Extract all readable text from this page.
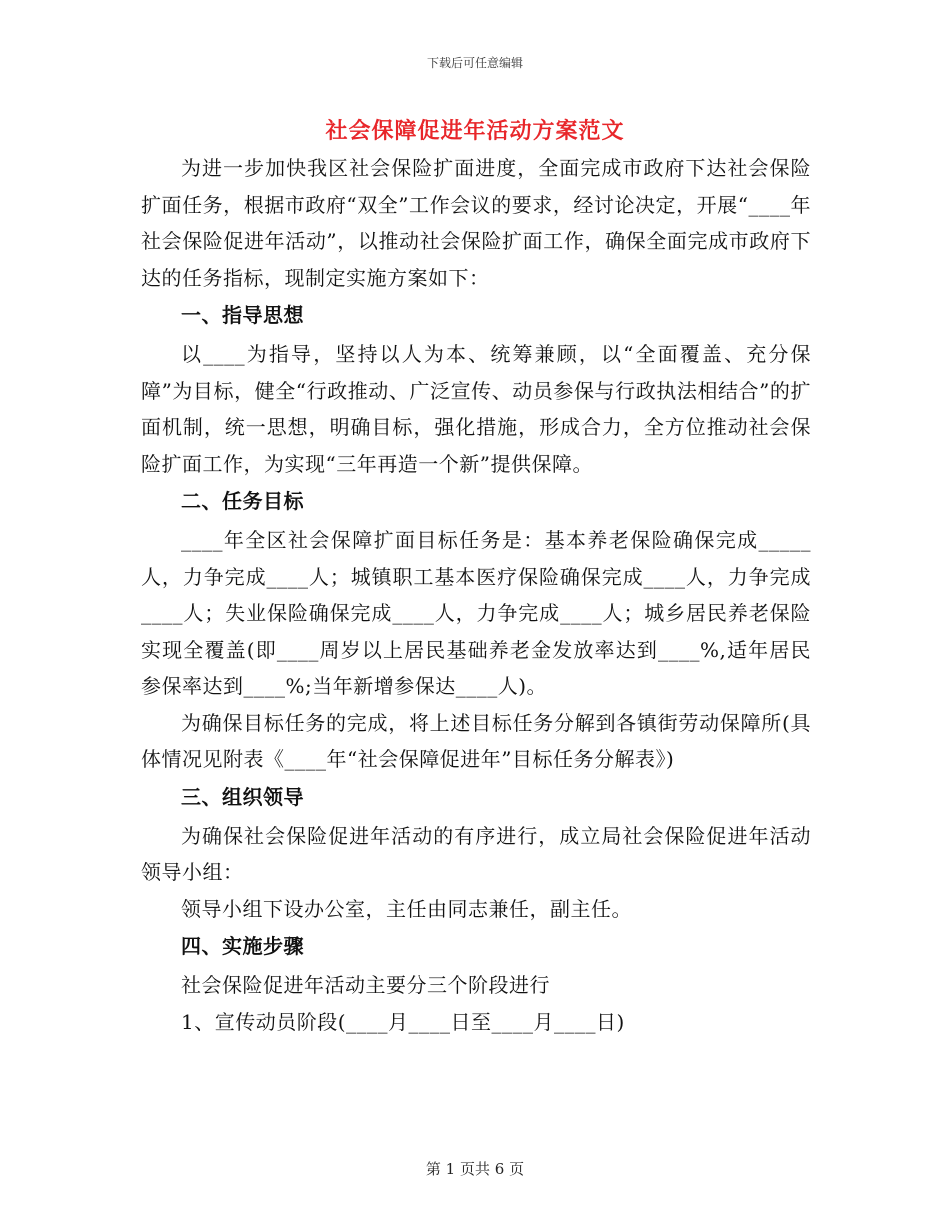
下载后可任意编辑
社会保障促进年活动方案范文

为进一步加快我区社会保险扩面进度，全面完成市政府下达社会保险扩面任务，根据市政府“双全”工作会议的要求，经讨论决定，开展“____年社会保险促进年活动”，以推动社会保险扩面工作，确保全面完成市政府下达的任务指标，现制定实施方案如下：

一、指导思想

以____为指导，坚持以人为本、统筹兼顾，以“全面覆盖、充分保障”为目标，健全“行政推动、广泛宣传、动员参保与行政执法相结合”的扩面机制，统一思想，明确目标，强化措施，形成合力，全方位推动社会保险扩面工作，为实现“三年再造一个新”提供保障。

二、任务目标

____年全区社会保障扩面目标任务是：基本养老保险确保完成_____人，力争完成____人；城镇职工基本医疗保险确保完成____人，力争完成____人；失业保险确保完成____人，力争完成____人；城乡居民养老保险实现全覆盖(即____周岁以上居民基础养老金发放率达到____%,适年居民参保率达到____%;当年新增参保达____人)。

为确保目标任务的完成，将上述目标任务分解到各镇街劳动保障所(具体情况见附表《____年“社会保障促进年”目标任务分解表》)

三、组织领导

为确保社会保险促进年活动的有序进行，成立局社会保险促进年活动领导小组：

领导小组下设办公室，主任由同志兼任，副主任。

四、实施步骤

社会保险促进年活动主要分三个阶段进行

1、宣传动员阶段(____月____日至____月____日)

第 1 页共 6 页
